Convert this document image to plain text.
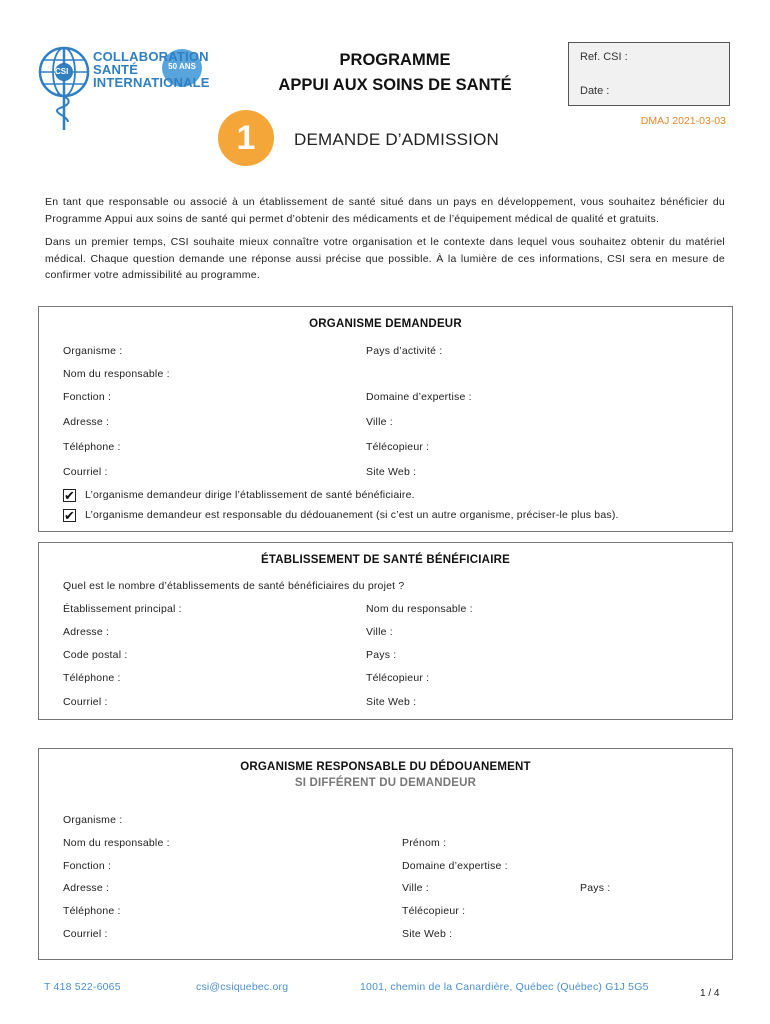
CSI
50 ANS
COLLABORATION
SANTÉ
INTERNATIONALE
PROGRAMME
APPUI AUX SOINS DE SANTÉ
Ref. CSI :
Date :
DMAJ 2021-03-03
1	DEMANDE D’ADMISSION
En tant que responsable ou associé à un établissement de santé situé dans un pays en développement, vous souhaitez bénéficier du Programme Appui aux soins de santé qui permet d’obtenir des médicaments et de l’équipement médical de qualité et gratuits.
Dans un premier temps, CSI souhaite mieux connaître votre organisation et le contexte dans lequel vous souhaitez obtenir du matériel médical. Chaque question demande une réponse aussi précise que possible. À la lumière de ces informations, CSI sera en mesure de confirmer votre admissibilité au programme.
ORGANISME DEMANDEUR
Organisme :	Pays d’activité :
Nom du responsable :
Fonction :	Domaine d’expertise :
Adresse :	Ville :
Téléphone :	Télécopieur :
Courriel :	Site Web :
✔ L’organisme demandeur dirige l’établissement de santé bénéficiaire.
✔ L’organisme demandeur est responsable du dédouanement (si c’est un autre organisme, préciser-le plus bas).
ÉTABLISSEMENT DE SANTÉ BÉNÉFICIAIRE
Quel est le nombre d’établissements de santé bénéficiaires du projet ?
Établissement principal :	Nom du responsable :
Adresse :	Ville :
Code postal :	Pays :
Téléphone :	Télécopieur :
Courriel :	Site Web :
ORGANISME RESPONSABLE DU DÉDOUANEMENT
SI DIFFÉRENT DU DEMANDEUR
Organisme :
Nom du responsable :	Prénom :
Fonction :	Domaine d’expertise :
Adresse :	Ville :	Pays :
Téléphone :	Télécopieur :
Courriel :	Site Web :
T 418 522-6065	csi@csiquebec.org	1001, chemin de la Canardière, Québec (Québec) G1J 5G5
1 / 4
